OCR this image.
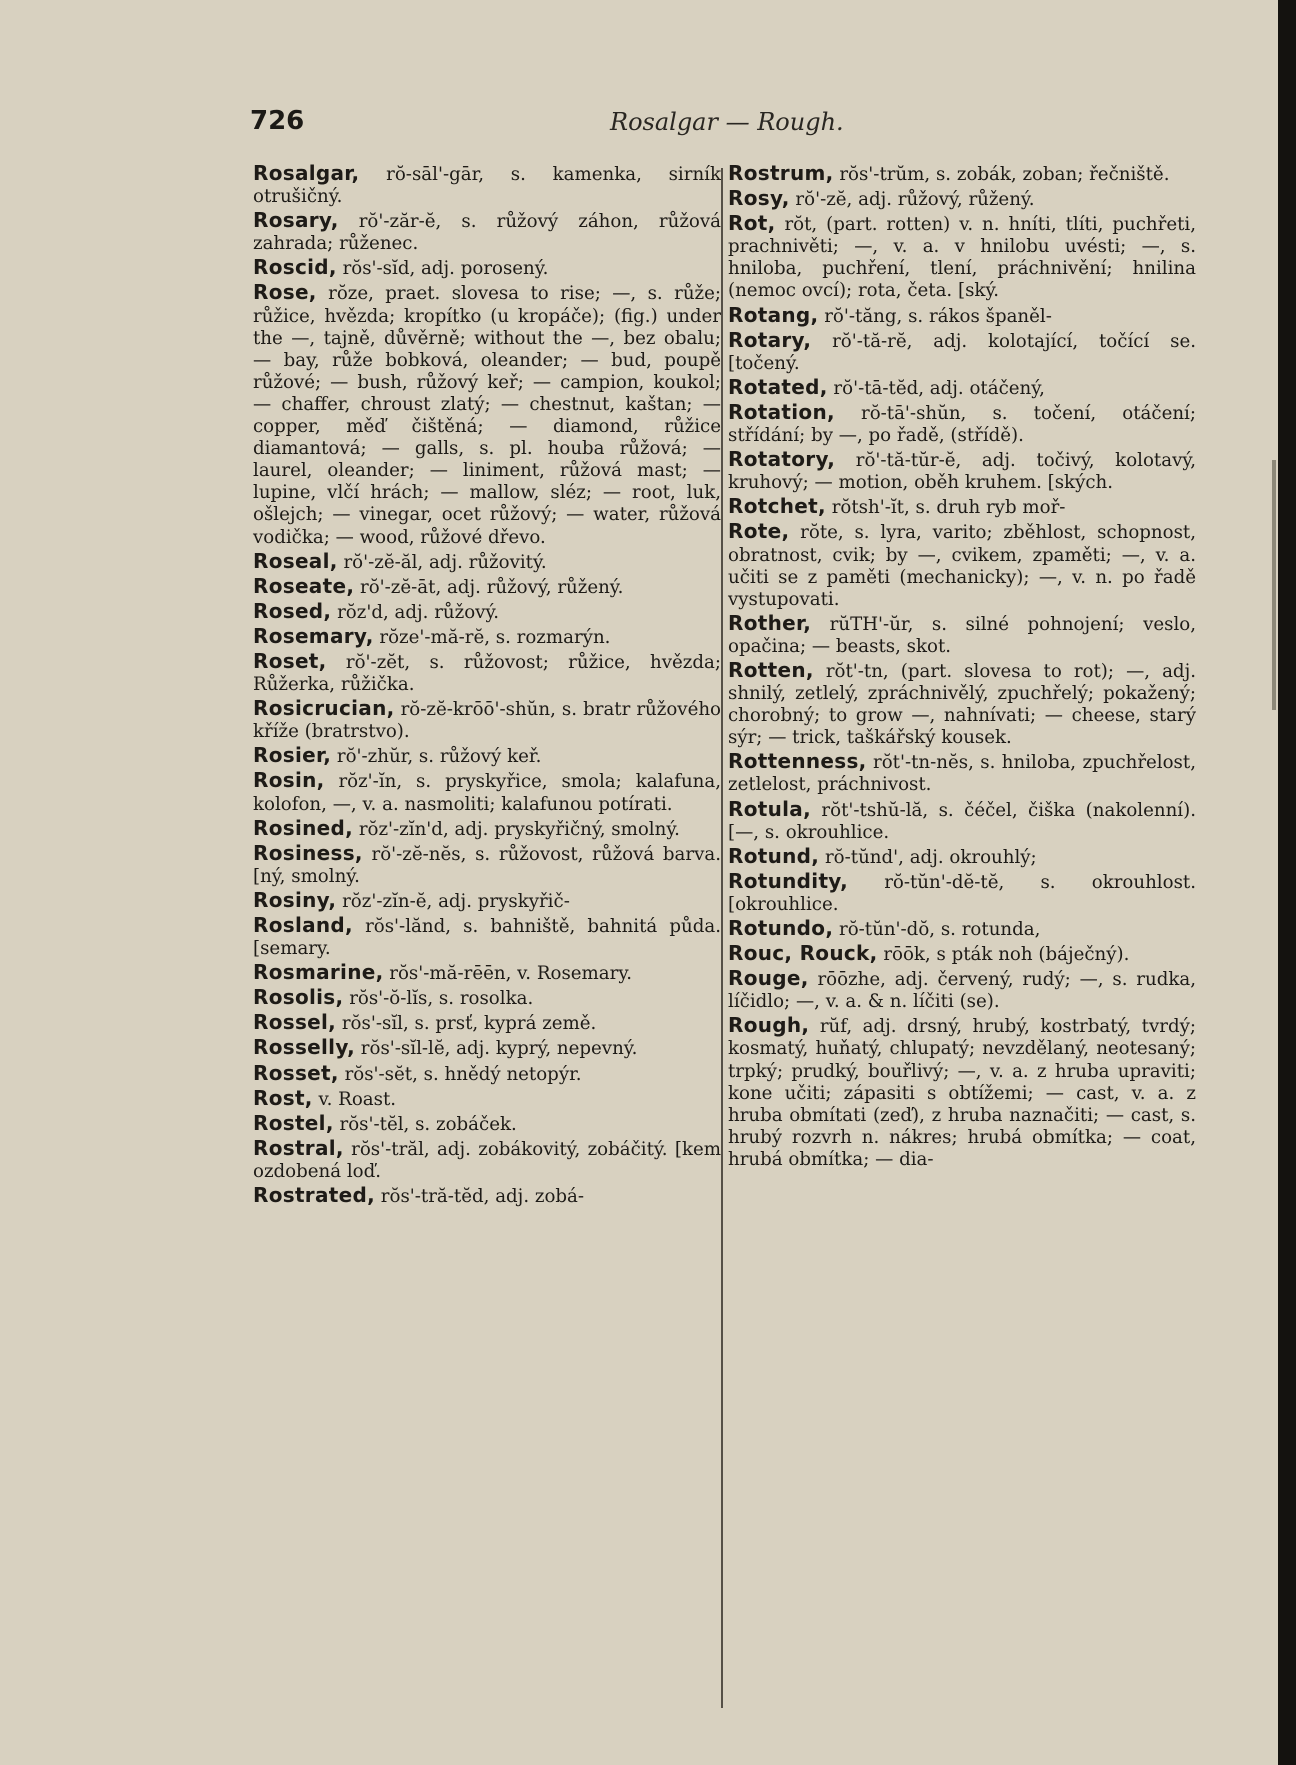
726	Rosalgar — Rough.

Rosalgar, rŏ-sāl'-gār, s. kamenka, sirník otrušičný.

Rosary, rŏ'-zăr-ĕ, s. růžový záhon, růžová zahrada; růženec.

Roscid, rŏs'-sĭd, adj. porosený.

Rose, rŏze, praet. slovesa to rise; —, s. růže; růžice, hvězda; kropítko (u kropáče); (fig.) under the —, tajně, důvěrně; without the —, bez obalu; — bay, růže bobková, oleander; — bud, poupě růžové; — bush, růžový keř; — campion, koukol; — chaffer, chroust zlatý; — chestnut, kaštan; — copper, měď čištěná; — diamond, růžice diamantová; — galls, s. pl. houba růžová; — laurel, oleander; — liniment, růžová mast; — lupine, vlčí hrách; — mallow, sléz; — root, luk, ošlejch; — vinegar, ocet růžový; — water, růžová vodička; — wood, růžové dřevo.

Roseal, rŏ'-zĕ-ăl, adj. růžovitý.

Roseate, rŏ'-zĕ-āt, adj. růžový, růžený.

Rosed, rŏz'd, adj. růžový.

Rosemary, rŏze'-mă-rĕ, s. rozmarýn.

Roset, rŏ'-zĕt, s. růžovost; růžice, hvězda; Růžerka, růžička.

Rosicrucian, rŏ-zĕ-krōō'-shŭn, s. bratr růžového kříže (bratrstvo).

Rosier, rŏ'-zhŭr, s. růžový keř.

Rosin, rŏz'-ĭn, s. pryskyřice, smola; kalafuna, kolofon, —, v. a. nasmoliti; kalafunou potírati.

Rosined, rŏz'-zĭn'd, adj. pryskyřičný, smolný.

Rosiness, rŏ'-zĕ-nĕs, s. růžovost, růžová barva. [ný, smolný.

Rosiny, rŏz'-zĭn-ĕ, adj. pryskyřič-

Rosland, rŏs'-lănd, s. bahniště, bahnitá půda. [semary.

Rosmarine, rŏs'-mă-rēēn, v. Rosemary.

Rosolis, rŏs'-ŏ-lĭs, s. rosolka.

Rossel, rŏs'-sĭl, s. prsť, kyprá země.

Rosselly, rŏs'-sĭl-lĕ, adj. kyprý, nepevný.

Rosset, rŏs'-sĕt, s. hnědý netopýr.

Rost, v. Roast.

Rostel, rŏs'-tĕl, s. zobáček.

Rostral, rŏs'-trăl, adj. zobákovitý, zobáčitý. [kem ozdobená loď.

Rostrated, rŏs'-tră-tĕd, adj. zobá-

Rostrum, rŏs'-trŭm, s. zobák, zoban; řečniště.

Rosy, rŏ'-zĕ, adj. růžový, růžený.

Rot, rŏt, (part. rotten) v. n. hníti, tlíti, puchřeti, prachnivěti; —, v. a. v hnilobu uvésti; —, s. hniloba, puchření, tlení, práchnivění; hnilina (nemoc ovcí); rota, četa. [ský.

Rotang, rŏ'-tăng, s. rákos španěl-

Rotary, rŏ'-tă-rĕ, adj. kolotající, točící se. [točený.

Rotated, rŏ'-tā-tĕd, adj. otáčený,

Rotation, rŏ-tā'-shŭn, s. točení, otáčení; střídání; by —, po řadě, (střídě).

Rotatory, rŏ'-tă-tŭr-ĕ, adj. točivý, kolotavý, kruhový; — motion, oběh kruhem. [ských.

Rotchet, rŏtsh'-ĭt, s. druh ryb moř-

Rote, rŏte, s. lyra, varito; zběhlost, schopnost, obratnost, cvik; by —, cvikem, zpaměti; —, v. a. učiti se z paměti (mechanicky); —, v. n. po řadě vystupovati.

Rother, rŭTH'-ŭr, s. silné pohnojení; veslo, opačina; — beasts, skot.

Rotten, rŏt'-tn, (part. slovesa to rot); —, adj. shnilý, zetlelý, zpráchnivělý, zpuchřelý; pokažený; chorobný; to grow —, nahnívati; — cheese, starý sýr; — trick, taškářský kousek.

Rottenness, rŏt'-tn-nĕs, s. hniloba, zpuchřelost, zetlelost, práchnivost.

Rotula, rŏt'-tshŭ-lă, s. čéčel, čiška (nakolenní). [—, s. okrouhlice.

Rotund, rŏ-tŭnd', adj. okrouhlý;

Rotundity, rŏ-tŭn'-dĕ-tĕ, s. okrouhlost. [okrouhlice.

Rotundo, rŏ-tŭn'-dŏ, s. rotunda,

Rouc, Rouck, rōōk, s pták noh (báječný).

Rouge, rōōzhe, adj. červený, rudý; —, s. rudka, líčidlo; —, v. a. & n. líčiti (se).

Rough, rŭf, adj. drsný, hrubý, kostrbatý, tvrdý; kosmatý, huňatý, chlupatý; nevzdělaný, neotesaný; trpký; prudký, bouřlivý; —, v. a. z hruba upraviti; kone učiti; zápasiti s obtížemi; — cast, v. a. z hruba obmítati (zeď), z hruba naznačiti; — cast, s. hrubý rozvrh n. nákres; hrubá obmítka; — coat, hrubá obmítka; — dia-
